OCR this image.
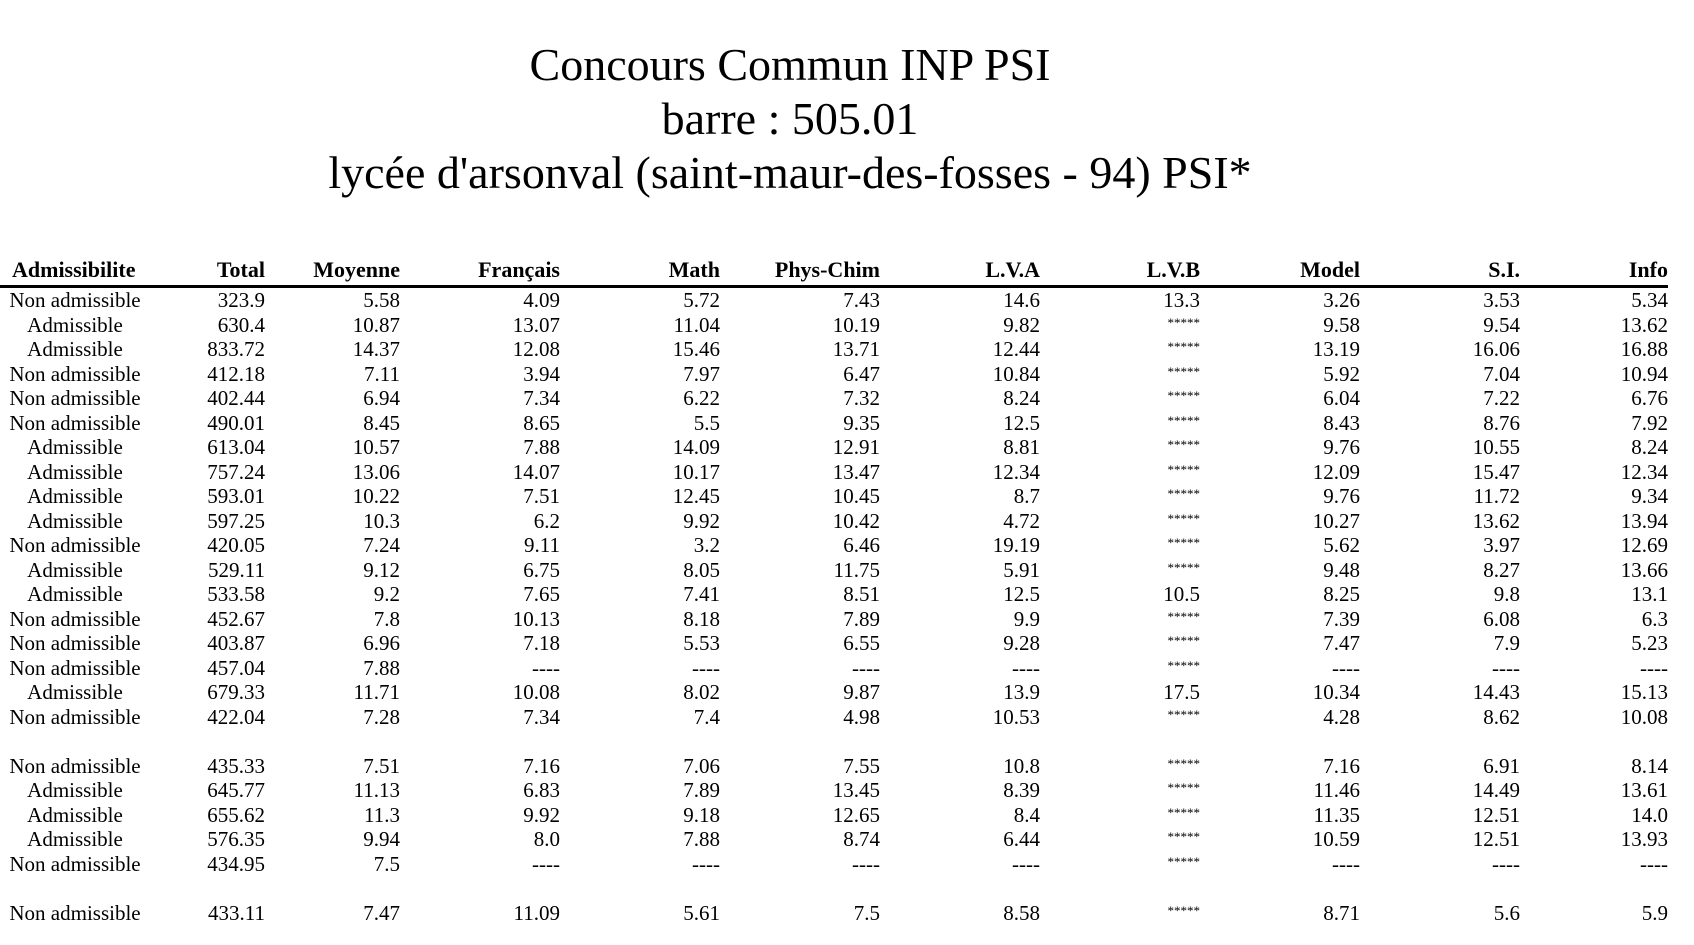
Concours Commun INP PSI
barre : 505.01
lycée d'arsonval (saint-maur-des-fosses - 94) PSI*
Admissibilite	Total	Moyenne	Français	Math	Phys-Chim	L.V.A	L.V.B	Model	S.I.	Info
Non admissible	323.9	5.58	4.09	5.72	7.43	14.6	13.3	3.26	3.53	5.34
Admissible	630.4	10.87	13.07	11.04	10.19	9.82	*****	9.58	9.54	13.62
Admissible	833.72	14.37	12.08	15.46	13.71	12.44	*****	13.19	16.06	16.88
Non admissible	412.18	7.11	3.94	7.97	6.47	10.84	*****	5.92	7.04	10.94
Non admissible	402.44	6.94	7.34	6.22	7.32	8.24	*****	6.04	7.22	6.76
Non admissible	490.01	8.45	8.65	5.5	9.35	12.5	*****	8.43	8.76	7.92
Admissible	613.04	10.57	7.88	14.09	12.91	8.81	*****	9.76	10.55	8.24
Admissible	757.24	13.06	14.07	10.17	13.47	12.34	*****	12.09	15.47	12.34
Admissible	593.01	10.22	7.51	12.45	10.45	8.7	*****	9.76	11.72	9.34
Admissible	597.25	10.3	6.2	9.92	10.42	4.72	*****	10.27	13.62	13.94
Non admissible	420.05	7.24	9.11	3.2	6.46	19.19	*****	5.62	3.97	12.69
Admissible	529.11	9.12	6.75	8.05	11.75	5.91	*****	9.48	8.27	13.66
Admissible	533.58	9.2	7.65	7.41	8.51	12.5	10.5	8.25	9.8	13.1
Non admissible	452.67	7.8	10.13	8.18	7.89	9.9	*****	7.39	6.08	6.3
Non admissible	403.87	6.96	7.18	5.53	6.55	9.28	*****	7.47	7.9	5.23
Non admissible	457.04	7.88	----	----	----	----	*****	----	----	----
Admissible	679.33	11.71	10.08	8.02	9.87	13.9	17.5	10.34	14.43	15.13
Non admissible	422.04	7.28	7.34	7.4	4.98	10.53	*****	4.28	8.62	10.08

Non admissible	435.33	7.51	7.16	7.06	7.55	10.8	*****	7.16	6.91	8.14
Admissible	645.77	11.13	6.83	7.89	13.45	8.39	*****	11.46	14.49	13.61
Admissible	655.62	11.3	9.92	9.18	12.65	8.4	*****	11.35	12.51	14.0
Admissible	576.35	9.94	8.0	7.88	8.74	6.44	*****	10.59	12.51	13.93
Non admissible	434.95	7.5	----	----	----	----	*****	----	----	----

Non admissible	433.11	7.47	11.09	5.61	7.5	8.58	*****	8.71	5.6	5.9
